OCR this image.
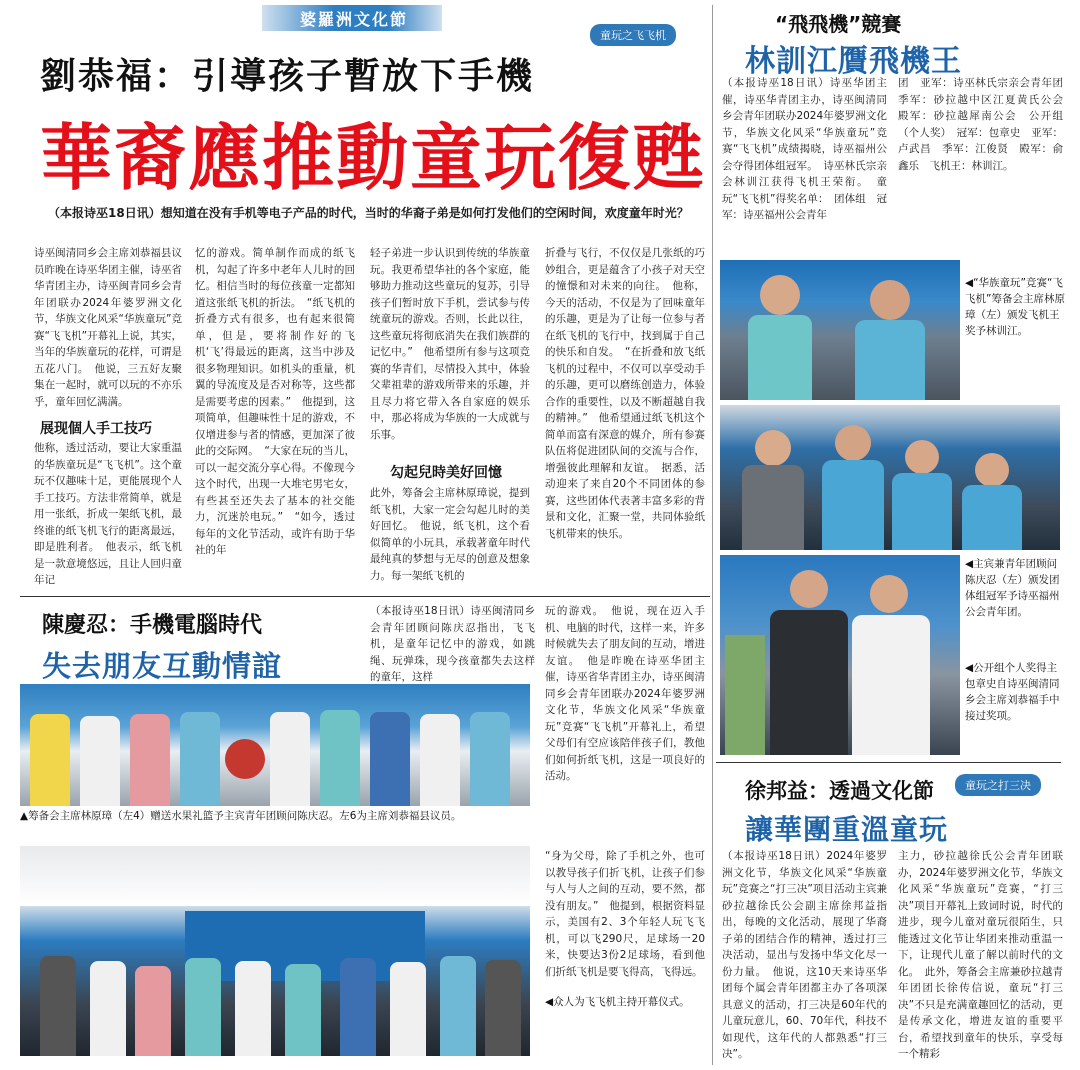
婆羅洲文化節
童玩之飞飞机
劉恭福：引導孩子暫放下手機
華裔應推動童玩復甦
（本报诗巫18日讯）想知道在没有手机等电子产品的时代，当时的华裔子弟是如何打发他们的空闲时间，欢度童年时光？
诗巫闽清同乡会主席刘恭福县议员昨晚在诗巫华团主催，诗巫省华青团主办，诗巫闽青同乡会青年团联办2024年婆罗洲文化节，华族文化风采“华族童玩”竞赛“飞飞机”开幕礼上说，其实，当年的华族童玩的花样，可谓是五花八门。　他说，三五好友聚集在一起时，就可以玩的不亦乐乎，童年回忆满满。
展现個人手工技巧
他称，透过活动，要让大家重温的华族童玩是“飞飞机”。这个童玩不仅趣味十足，更能展现个人手工技巧。方法非常简单，就是用一张纸，折成一架纸飞机，最终谁的纸飞机飞行的距离最远，即是胜利者。　他表示，纸飞机是一款意境悠远，且让人回归童年记
忆的游戏。简单制作而成的纸飞机，勾起了许多中老年人儿时的回忆。相信当时的每位孩童一定都知道这张纸飞机的折法。　“纸飞机的折叠方式有很多，也有起来很简单，但是，要将制作好的飞机‘飞’得最远的距离，这当中涉及很多物理知识。如机头的重量，机翼的导流度及是否对称等，这些都是需要考虑的因素。”　他提到，这项简单，但趣味性十足的游戏，不仅增进参与者的情感，更加深了彼此的交际网。　“大家在玩的当儿，可以一起交流分享心得。不像现今这个时代，出现一大堆宅男宅女，有些甚至还失去了基本的社交能力，沉迷於电玩。”　“如今，透过每年的文化节活动，或许有助于华社的年
轻子弟进一步认识到传统的华族童玩。我更希望华社的各个家庭，能够助力推动这些童玩的复苏，引导孩子们暂时放下手机，尝试参与传统童玩的游戏。否则，长此以往，这些童玩将彻底消失在我们族群的记忆中。”　他希望所有参与这项竞赛的华青们，尽情投入其中，体验父辈祖辈的游戏所带来的乐趣，并且尽力将它带入各自家庭的娱乐中，那必将成为华族的一大成就与乐事。
勾起兒時美好回憶
此外，筹备会主席林原璋说，提到纸飞机，大家一定会勾起儿时的美好回忆。　他说，纸飞机，这个看似简单的小玩具，承载著童年时代最纯真的梦想与无尽的创意及想象力。每一架纸飞机的
折叠与飞行，不仅仅是几张纸的巧妙组合，更是蕴含了小孩子对天空的憧憬和对未来的向往。　他称，今天的活动，不仅是为了回味童年的乐趣，更是为了让每一位参与者在纸飞机的飞行中，找到属于自己的快乐和自发。　“在折叠和放飞纸飞机的过程中，不仅可以享受动手的乐趣，更可以磨练创造力，体验合作的重要性，以及不断超越自我的精神。”　他希望通过纸飞机这个简单而富有深意的媒介，所有参赛队伍将促进团队间的交流与合作，增强彼此理解和友谊。　据悉，活动迎来了来自20个不同团体的参赛，这些团体代表著丰富多彩的背景和文化，汇聚一堂，共同体验纸飞机带来的快乐。
“飛飛機”競賽
林訓江贋飛機王
（本报诗巫18日讯）诗巫华团主催，诗巫华青团主办，诗巫闽清同乡会青年团联办2024年婆罗洲文化节，华族文化风采“华族童玩”竞赛“飞飞机”成绩揭晓，诗巫福州公会夺得团体组冠军。　诗巫林氏宗亲会林训江获得飞机王荣衔。　童玩“飞飞机”得奖名单：　团体组　冠军：诗巫福州公会青年
团　亚军：诗巫林氏宗亲会青年团　季军：砂拉越中区江夏黄氏公会　殿军：砂拉越犀南公会　公开组（个人奖）　冠军：包章史　亚军：卢武昌　季军：江俊贤　殿军：俞鑫乐　飞机王：林训江。
◀“华族童玩”竞赛“飞飞机”筹备会主席林原璋（左）颁发飞机王奖予林训江。
◀主宾兼青年团顾问陈庆忍（左）颁发团体组冠军予诗巫福州公会青年团。
◀公开组个人奖得主包章史自诗巫闽清同乡会主席刘恭福手中接过奖项。
徐邦益：透過文化節	童玩之打三决
讓華團重溫童玩
（本报诗巫18日讯）2024年婆罗洲文化节，华族文化风采“华族童玩”竞赛之“打三决”项目活动主宾兼砂拉越徐氏公会副主席徐邦益指出，每晚的文化活动，展现了华裔子弟的团结合作的精神，透过打三决活动，显出与发扬中华文化尽一份力量。　他说，这10天来诗巫华团每个属会青年团都主办了各项深具意义的活动，打三决是60年代的儿童玩意儿，60、70年代，科技不如现代，这年代的人都熟悉“打三决”。
主力，砂拉越徐氏公会青年团联办，2024年婆罗洲文化节，华族文化风采“华族童玩”竞赛，“打三决”项目开幕礼上致词时说，时代的进步，现今儿童对童玩很陌生，只能透过文化节让华团来推动重温一下，让现代儿童了解以前时代的文化。　此外，筹备会主席兼砂拉越青年团团长徐传信说，童玩“打三决”不只是充满童趣回忆的活动，更是传承文化，增进友谊的重要平台，希望找到童年的快乐，享受每一个精彩
陳慶忍：手機電腦時代
失去朋友互動情誼
（本报诗巫18日讯）诗巫闽清同乡会青年团顾问陈庆忍指出，飞飞机，是童年记忆中的游戏，如跳绳、玩弹珠，现今孩童都失去这样的童年，这样
玩的游戏。　他说，现在迈入手机、电脑的时代，这样一来，许多时候就失去了朋友间的互动，增进友谊。　他是昨晚在诗巫华团主催，诗巫省华青团主办，诗巫闽清同乡会青年团联办2024年婆罗洲文化节，华族文化风采“华族童玩”竞赛“飞飞机”开幕礼上，希望父母们有空应该陪伴孩子们，教他们如何折纸飞机，这是一项良好的活动。
▲筹备会主席林原璋（左4）赠送水果礼篮予主宾青年团顾问陈庆忍。左6为主席刘恭福县议员。
“身为父母，除了手机之外，也可以教导孩子们折飞机，让孩子们参与人与人之间的互动，要不然，都没有朋友。”　他提到，根据资料显示，美国有2、3个年轻人玩飞飞机，可以飞290尺，足球场一20米，快要达3份2足球场，看到他们折纸飞机是要飞得高，飞得远。
◀众人为飞飞机主持开幕仪式。
